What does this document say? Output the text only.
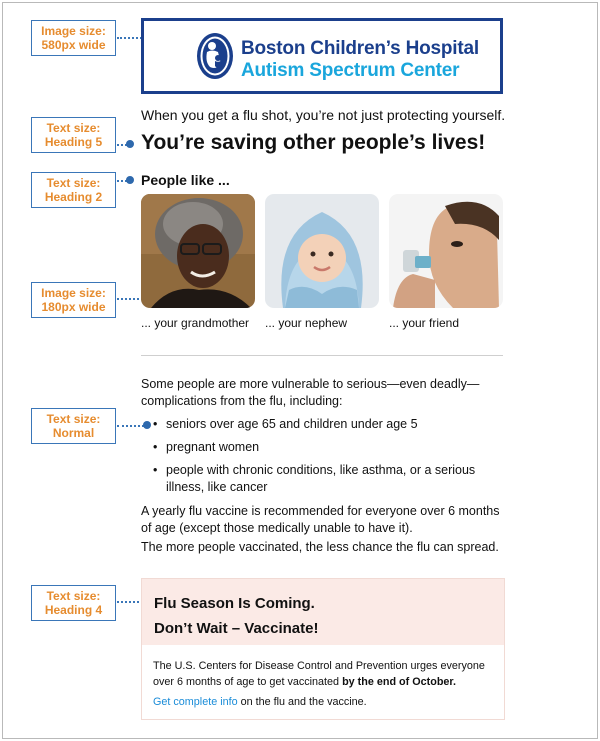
Image size:
580px wide
Text size:
Heading 5
Text size:
Heading 2
Image size:
180px wide
Text size:
Normal
Text size:
Heading 4
Boston Children’s Hospital
Autism Spectrum Center
When you get a flu shot, you’re not just protecting yourself.
You’re saving other people’s lives!
People like ...
... your grandmother ... your nephew	... your friend
Some people are more vulnerable to serious—even deadly—complications from the flu, including:
• seniors over age 65 and children under age 5
• pregnant women
• people with chronic conditions, like asthma, or a serious illness, like cancer
A yearly flu vaccine is recommended for everyone over 6 months of age (except those medically unable to have it).
The more people vaccinated, the less chance the flu can spread.
Flu Season Is Coming.
Don’t Wait – Vaccinate!
The U.S. Centers for Disease Control and Prevention urges everyone over 6 months of age to get vaccinated by the end of October.
Get complete info on the flu and the vaccine.
